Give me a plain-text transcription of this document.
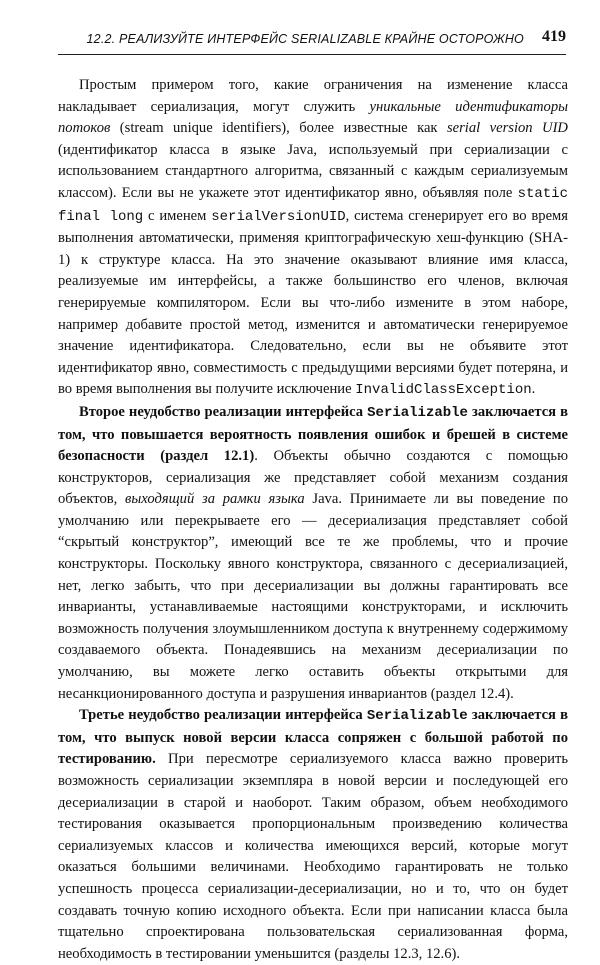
12.2. РЕАЛИЗУЙТЕ ИНТЕРФЕЙС SERIALIZABLE КРАЙНЕ ОСТОРОЖНО 419

Простым примером того, какие ограничения на изменение класса накладывает сериализация, могут служить уникальные идентификаторы потоков (stream unique identifiers), более известные как serial version UID (идентификатор класса в языке Java, используемый при сериализации с использованием стандартного алгоритма, связанный с каждым сериализуемым классом). Если вы не укажете этот идентификатор явно, объявляя поле static final long с именем serialVersionUID, система сгенерирует его во время выполнения автоматически, применяя криптографическую хеш-функцию (SHA-1) к структуре класса. На это значение оказывают влияние имя класса, реализуемые им интерфейсы, а также большинство его членов, включая генерируемые компилятором. Если вы что-либо измените в этом наборе, например добавите простой метод, изменится и автоматически генерируемое значение идентификатора. Следовательно, если вы не объявите этот идентификатор явно, совместимость с предыдущими версиями будет потеряна, и во время выполнения вы получите исключение InvalidClassException.

Второе неудобство реализации интерфейса Serializable заключается в том, что повышается вероятность появления ошибок и брешей в системе безопасности (раздел 12.1). Объекты обычно создаются с помощью конструкторов, сериализация же представляет собой механизм создания объектов, выходящий за рамки языка Java. Принимаете ли вы поведение по умолчанию или перекрываете его — десериализация представляет собой “скрытый конструктор”, имеющий все те же проблемы, что и прочие конструкторы. Поскольку явного конструктора, связанного с десериализацией, нет, легко забыть, что при десериализации вы должны гарантировать все инварианты, устанавливаемые настоящими конструкторами, и исключить возможность получения злоумышленником доступа к внутреннему содержимому создаваемого объекта. Понадеявшись на механизм десериализации по умолчанию, вы можете легко оставить объекты открытыми для несанкционированного доступа и разрушения инвариантов (раздел 12.4).

Третье неудобство реализации интерфейса Serializable заключается в том, что выпуск новой версии класса сопряжен с большой работой по тестированию. При пересмотре сериализуемого класса важно проверить возможность сериализации экземпляра в новой версии и последующей его десериализации в старой и наоборот. Таким образом, объем необходимого тестирования оказывается пропорциональным произведению количества сериализуемых классов и количества имеющихся версий, которые могут оказаться большими величинами. Необходимо гарантировать не только успешность процесса сериализации-десериализации, но и то, что он будет создавать точную копию исходного объекта. Если при написании класса была тщательно спроектирована пользовательская сериализованная форма, необходимость в тестировании уменьшится (разделы 12.3, 12.6).
